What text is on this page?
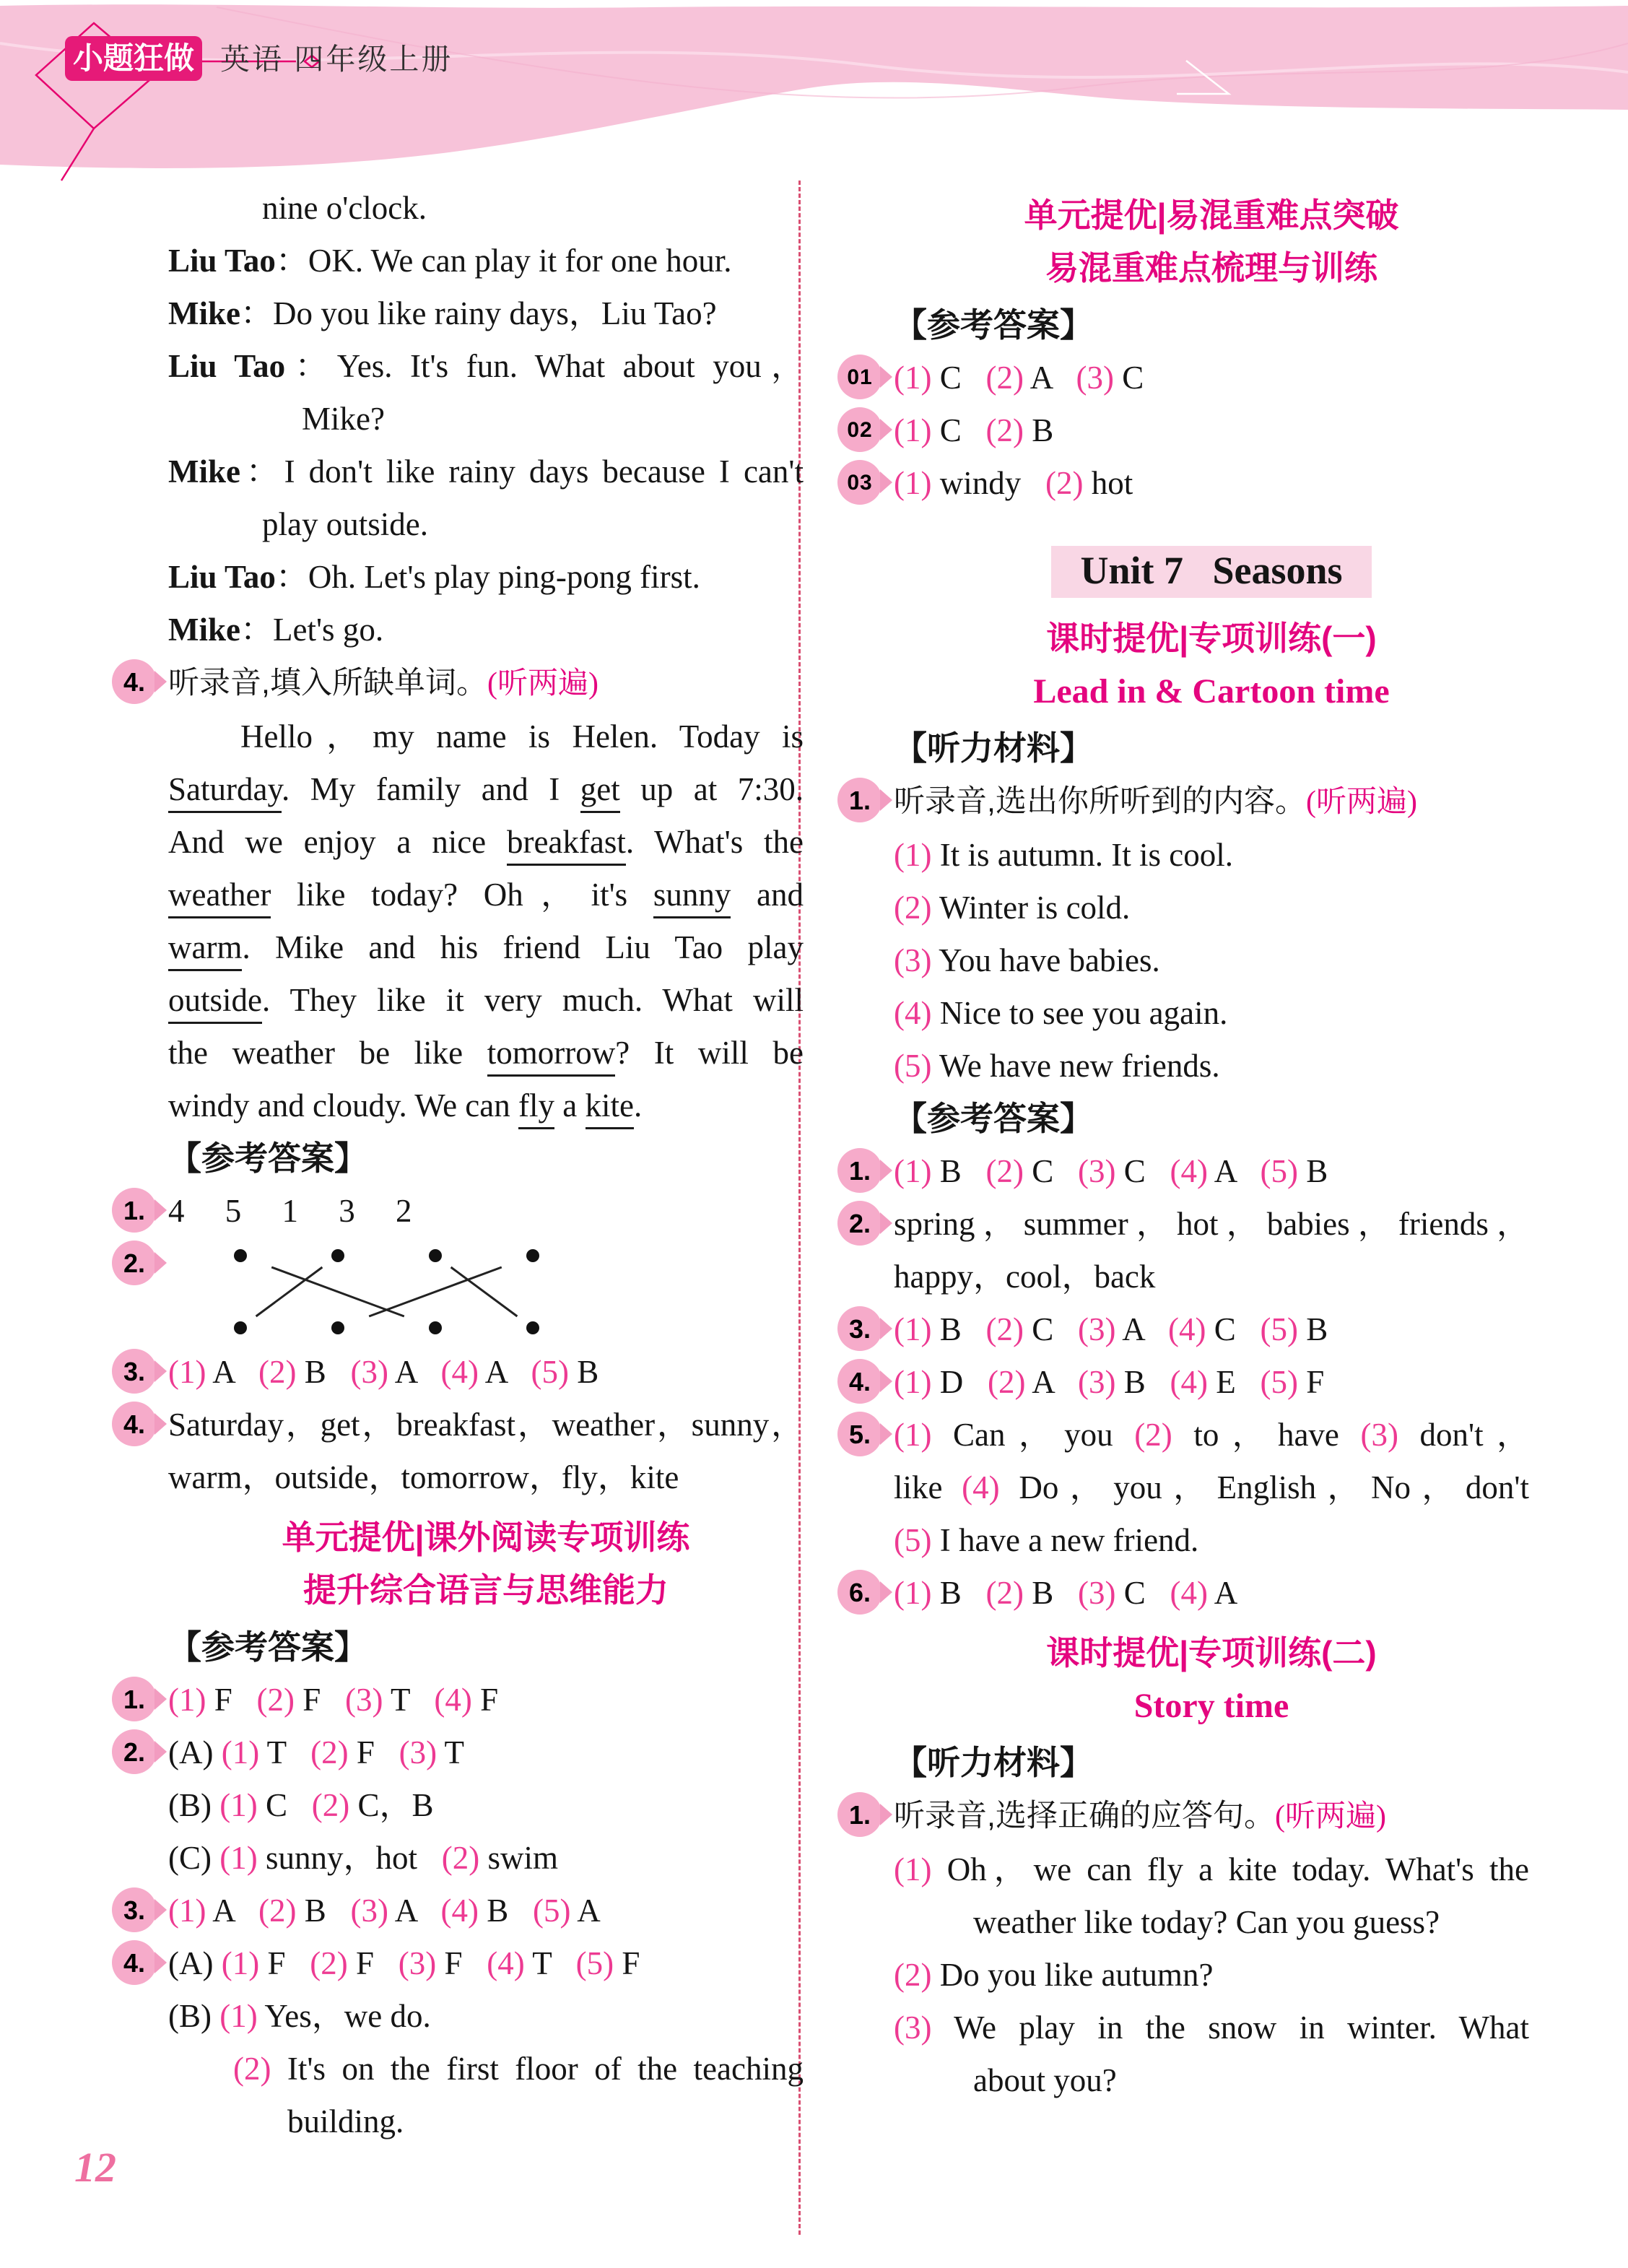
小题狂做 英语 四年级上册
nine o'clock.
Liu Tao：OK. We can play it for one hour.
Mike：Do you like rainy days，Liu Tao?
Liu Tao：Yes. It's fun. What about you，
Mike?
Mike：I don't like rainy days because I can't
play outside.
Liu Tao：Oh. Let's play ping-pong first.
Mike：Let's go.
听录音,填入所缺单词。(听两遍)
4.
Hello，my name is Helen. Today is
Saturday. My family and I get up at 7:30.
And we enjoy a nice breakfast. What's the
weather like today? Oh，it's sunny and
warm. Mike and his friend Liu Tao play
outside. They like it very much. What will
the weather be like tomorrow? It will be
windy and cloudy. We can fly a kite.
【参考答案】
4     5     1     3     2
1.
2.
(1) A   (2) B   (3) A   (4) A   (5) B
3.
Saturday，get，breakfast，weather，sunny，
4.
warm，outside，tomorrow，fly，kite
单元提优|课外阅读专项训练
提升综合语言与思维能力
【参考答案】
(1) F   (2) F   (3) T   (4) F
1.
(A) (1) T   (2) F   (3) T
2.
(B) (1) C   (2) C，B
(C) (1) sunny，hot   (2) swim
(1) A   (2) B   (3) A   (4) B   (5) A
3.
(A) (1) F   (2) F   (3) F   (4) T   (5) F
4.
(B) (1) Yes，we do.
(2) It's on the first floor of the teaching
building.
单元提优|易混重难点突破
易混重难点梳理与训练
【参考答案】
(1) C   (2) A   (3) C
01
(1) C   (2) B
02
(1) windy   (2) hot
03
Unit 7   Seasons
课时提优|专项训练(一)
Lead in & Cartoon time
【听力材料】
听录音,选出你所听到的内容。(听两遍)
1.
(1) It is autumn. It is cool.
(2) Winter is cold.
(3) You have babies.
(4) Nice to see you again.
(5) We have new friends.
【参考答案】
(1) B   (2) C   (3) C   (4) A   (5) B
1.
spring，summer，hot，babies，friends，
2.
happy，cool，back
(1) B   (2) C   (3) A   (4) C   (5) B
3.
(1) D   (2) A   (3) B   (4) E   (5) F
4.
(1) Can，you (2) to，have (3) don't，
5.
like (4) Do，you，English，No，don't
(5) I have a new friend.
(1) B   (2) B   (3) C   (4) A
6.
课时提优|专项训练(二)
Story time
【听力材料】
听录音,选择正确的应答句。(听两遍)
1.
(1) Oh，we can fly a kite today. What's the
weather like today? Can you guess?
(2) Do you like autumn?
(3) We play in the snow in winter. What
about you?
12
